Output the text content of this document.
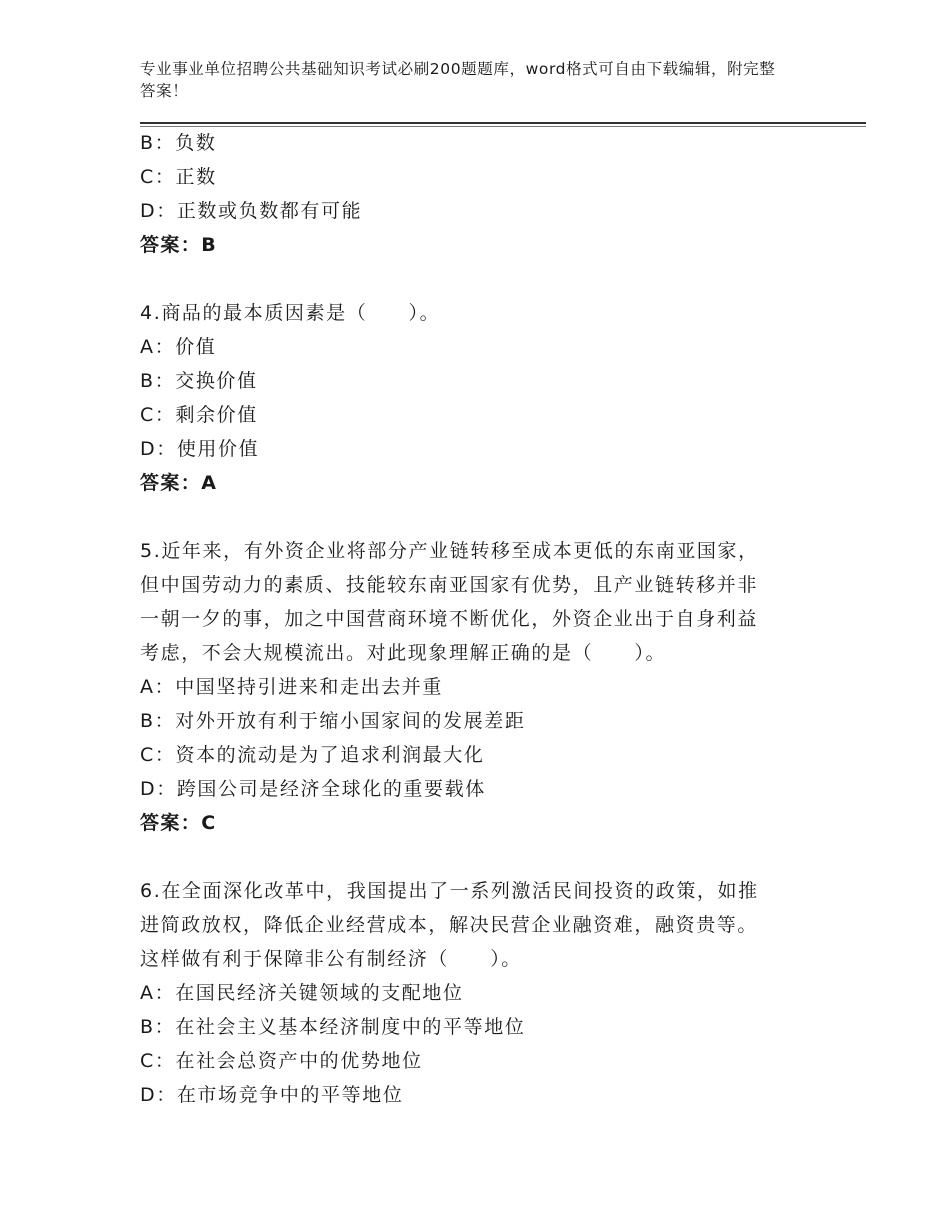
专业事业单位招聘公共基础知识考试必刷200题题库，word格式可自由下载编辑，附完整答案！
B：负数
C：正数
D：正数或负数都有可能
答案：B
4.商品的最本质因素是（　　）。
A：价值
B：交换价值
C：剩余价值
D：使用价值
答案：A
5.近年来，有外资企业将部分产业链转移至成本更低的东南亚国家，
但中国劳动力的素质、技能较东南亚国家有优势，且产业链转移并非
一朝一夕的事，加之中国营商环境不断优化，外资企业出于自身利益
考虑，不会大规模流出。对此现象理解正确的是（　　）。
A：中国坚持引进来和走出去并重
B：对外开放有利于缩小国家间的发展差距
C：资本的流动是为了追求利润最大化
D：跨国公司是经济全球化的重要载体
答案：C
6.在全面深化改革中，我国提出了一系列激活民间投资的政策，如推
进简政放权，降低企业经营成本，解决民营企业融资难，融资贵等。
这样做有利于保障非公有制经济（　　）。
A：在国民经济关键领域的支配地位
B：在社会主义基本经济制度中的平等地位
C：在社会总资产中的优势地位
D：在市场竞争中的平等地位
